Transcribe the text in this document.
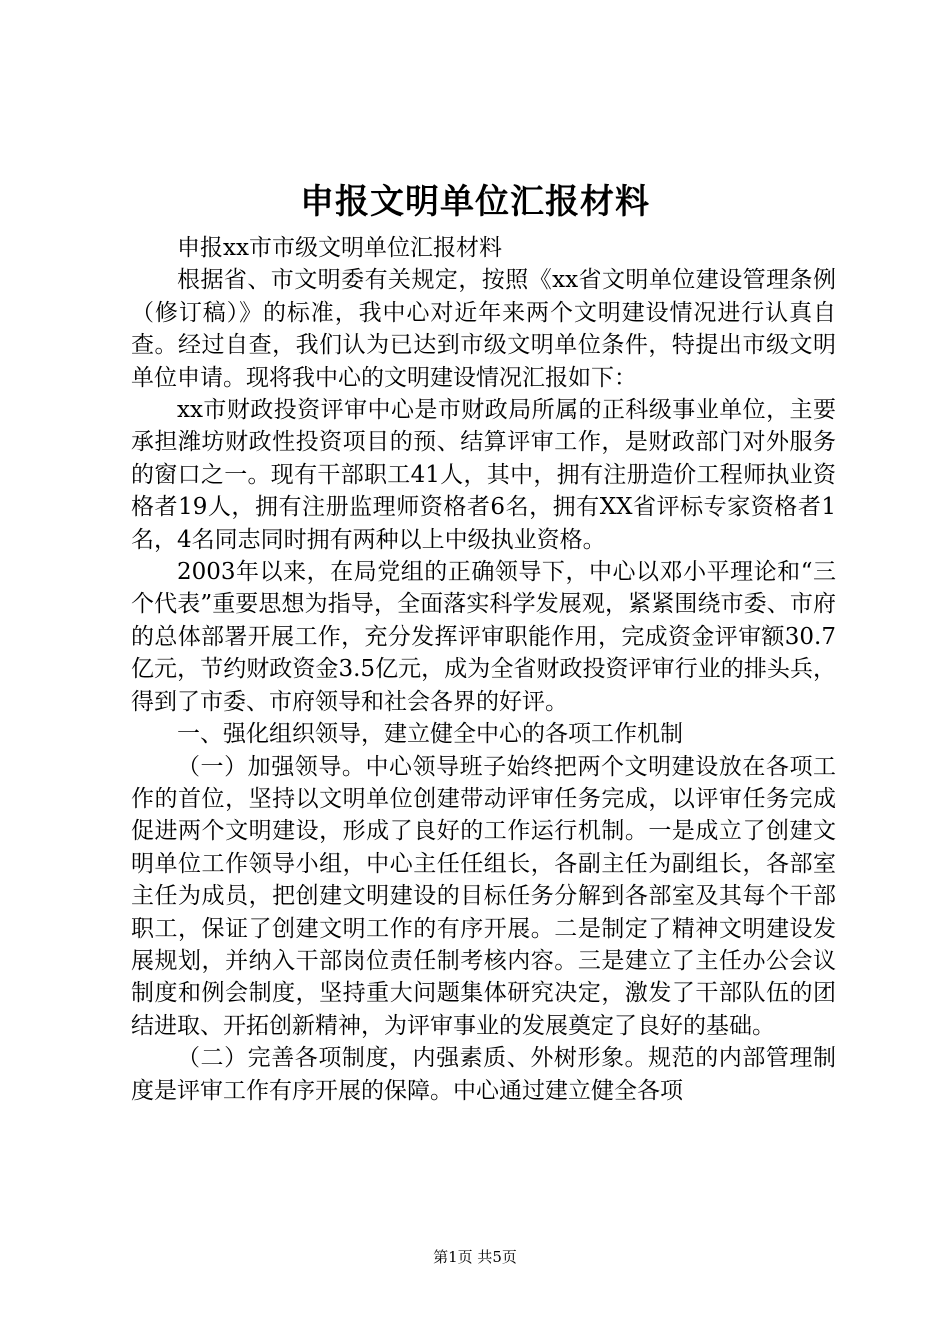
申报文明单位汇报材料

申报xx市市级文明单位汇报材料

根据省、市文明委有关规定，按照《xx省文明单位建设管理条例（修订稿）》的标准，我中心对近年来两个文明建设情况进行认真自查。经过自查，我们认为已达到市级文明单位条件，特提出市级文明单位申请。现将我中心的文明建设情况汇报如下：

xx市财政投资评审中心是市财政局所属的正科级事业单位，主要承担潍坊财政性投资项目的预、结算评审工作，是财政部门对外服务的窗口之一。现有干部职工41人，其中，拥有注册造价工程师执业资格者19人，拥有注册监理师资格者6名，拥有XX省评标专家资格者1名，4名同志同时拥有两种以上中级执业资格。

2003年以来，在局党组的正确领导下，中心以邓小平理论和“三个代表”重要思想为指导，全面落实科学发展观，紧紧围绕市委、市府的总体部署开展工作，充分发挥评审职能作用，完成资金评审额30.7亿元，节约财政资金3.5亿元，成为全省财政投资评审行业的排头兵，得到了市委、市府领导和社会各界的好评。

一、强化组织领导，建立健全中心的各项工作机制

（一）加强领导。中心领导班子始终把两个文明建设放在各项工作的首位，坚持以文明单位创建带动评审任务完成，以评审任务完成促进两个文明建设，形成了良好的工作运行机制。一是成立了创建文明单位工作领导小组，中心主任任组长，各副主任为副组长，各部室主任为成员，把创建文明建设的目标任务分解到各部室及其每个干部职工，保证了创建文明工作的有序开展。二是制定了精神文明建设发展规划，并纳入干部岗位责任制考核内容。三是建立了主任办公会议制度和例会制度，坚持重大问题集体研究决定，激发了干部队伍的团结进取、开拓创新精神，为评审事业的发展奠定了良好的基础。

（二）完善各项制度，内强素质、外树形象。规范的内部管理制度是评审工作有序开展的保障。中心通过建立健全各项

第1页 共5页
